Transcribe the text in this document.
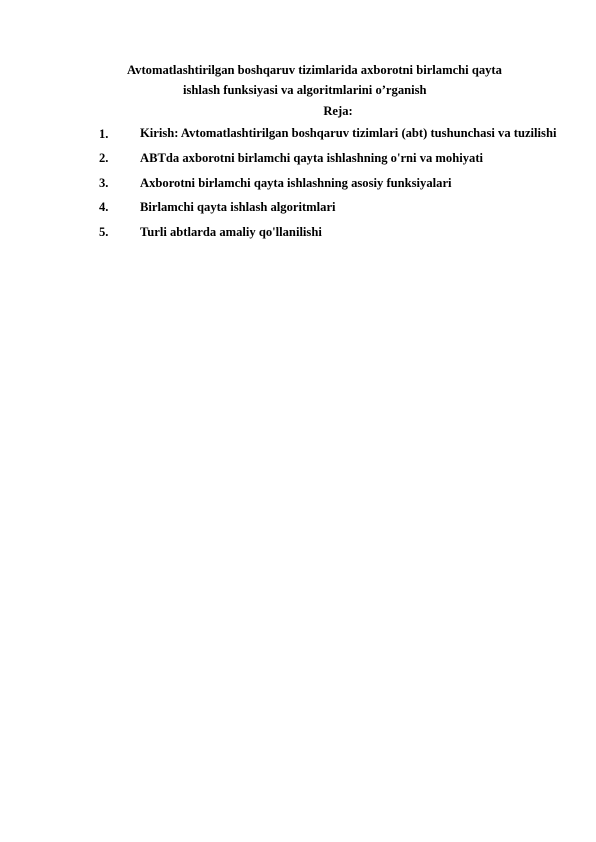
Avtomatlashtirilgan boshqaruv tizimlarida axborotni birlamchi qayta
ishlash funksiyasi va algoritmlarini o’rganish
Reja:
1.	Kirish: Avtomatlashtirilgan boshqaruv tizimlari (abt) tushunchasi va tuzilishi
2.	ABTda axborotni birlamchi qayta ishlashning o'rni va mohiyati
3.	Axborotni birlamchi qayta ishlashning asosiy funksiyalari
4.	Birlamchi qayta ishlash algoritmlari
5.	Turli abtlarda amaliy qo'llanilishi
